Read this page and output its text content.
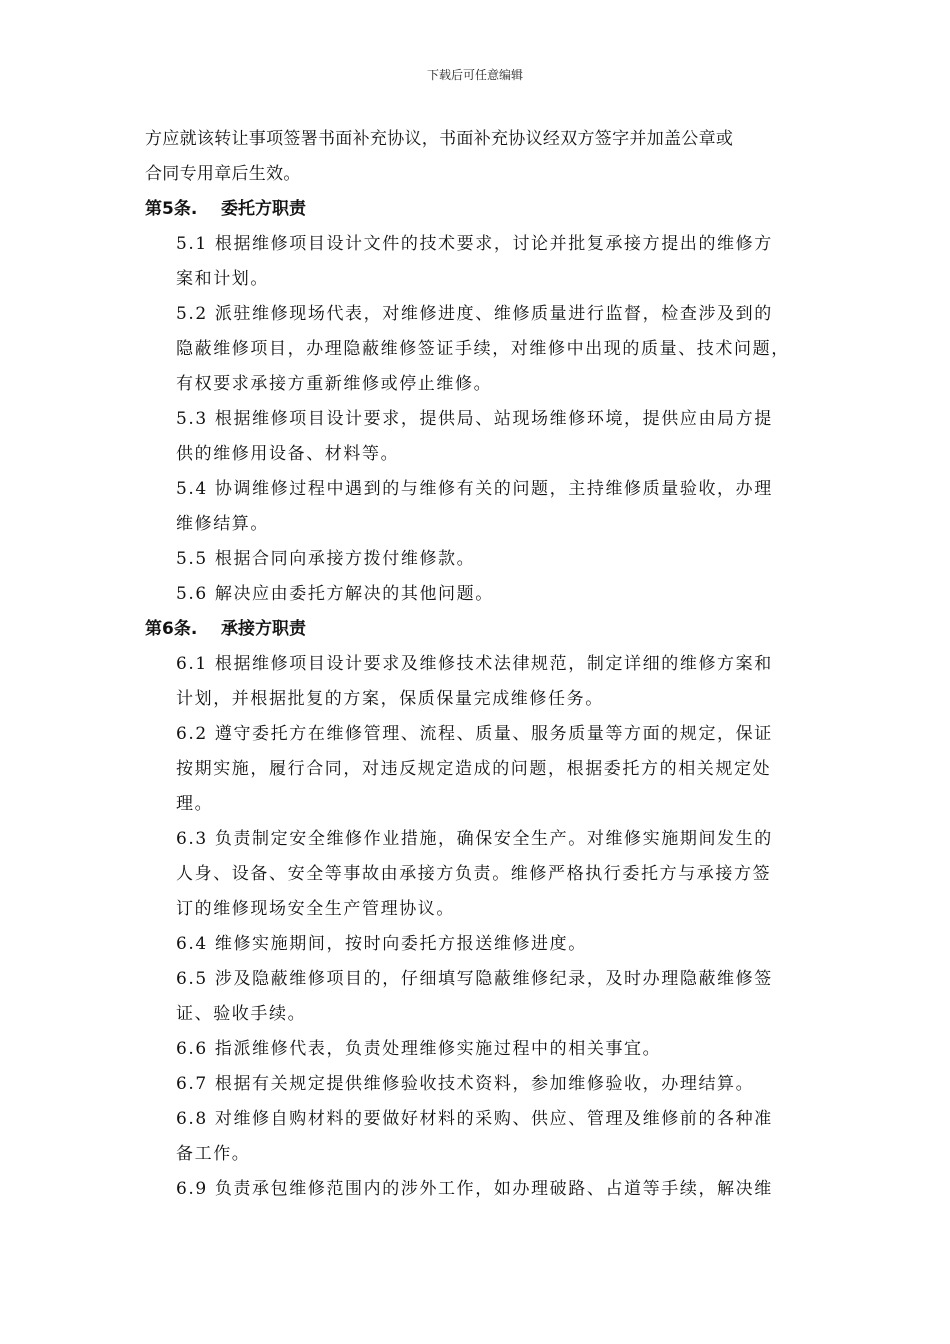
下载后可任意编辑

方应就该转让事项签署书面补充协议，书面补充协议经双方签字并加盖公章或

合同专用章后生效。

第5条. 委托方职责

5.1 根据维修项目设计文件的技术要求，讨论并批复承接方提出的维修方

案和计划。

5.2 派驻维修现场代表，对维修进度、维修质量进行监督，检查涉及到的

隐蔽维修项目，办理隐蔽维修签证手续，对维修中出现的质量、技术问题，

有权要求承接方重新维修或停止维修。

5.3 根据维修项目设计要求，提供局、站现场维修环境，提供应由局方提

供的维修用设备、材料等。

5.4 协调维修过程中遇到的与维修有关的问题，主持维修质量验收，办理

维修结算。

5.5 根据合同向承接方拨付维修款。

5.6 解决应由委托方解决的其他问题。

第6条. 承接方职责

6.1 根据维修项目设计要求及维修技术法律规范，制定详细的维修方案和

计划，并根据批复的方案，保质保量完成维修任务。

6.2 遵守委托方在维修管理、流程、质量、服务质量等方面的规定，保证

按期实施，履行合同，对违反规定造成的问题，根据委托方的相关规定处

理。

6.3 负责制定安全维修作业措施，确保安全生产。对维修实施期间发生的

人身、设备、安全等事故由承接方负责。维修严格执行委托方与承接方签

订的维修现场安全生产管理协议。

6.4 维修实施期间，按时向委托方报送维修进度。

6.5 涉及隐蔽维修项目的，仔细填写隐蔽维修纪录，及时办理隐蔽维修签

证、验收手续。

6.6 指派维修代表，负责处理维修实施过程中的相关事宜。

6.7 根据有关规定提供维修验收技术资料，参加维修验收，办理结算。

6.8 对维修自购材料的要做好材料的采购、供应、管理及维修前的各种准

备工作。

6.9 负责承包维修范围内的涉外工作，如办理破路、占道等手续，解决维
